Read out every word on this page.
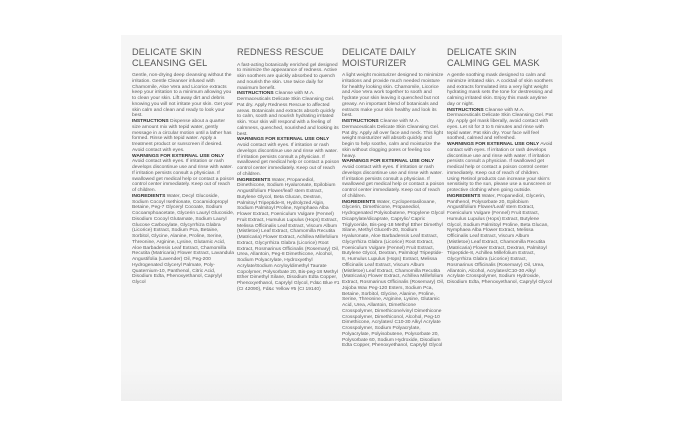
DELICATE SKIN CLEANSING GEL

Gentle, non-drying deep cleansing without the irritation. Gentle Cleanser infused with Chamomile, Aloe Vera and Licorice extracts keep your irritation to a minimum allowing you to clean your skin. Lift away dirt and debris knowing you will not irritate your skin. Get your skin calm and clean and ready to look your best.

INSTRUCTIONS Dispense about a quarter size amount mix with tepid water, gently message in a circular motion until a lather has formed. Rinse with tepid water. Apply a treatment product or sunscreen if desired. Avoid contact with eyes.

WARNINGS FOR EXTERNAL USE ONLY Avoid contact with eyes. If irritation or rash develops discontinue use and rinse with water. If irritation persists consult a physician. If swallowed get medical help or contact a poison control center immediately. Keep out of reach of children.

INGREDIENTS Water, Decyl Glucoside, Sodium Cocoyl Isethionate, Cocamidopropyl Betaine, Peg-7 Glyceryl Cocoate, Sodium Cocoamphoacetate, Glycerin Lauryl Glucoside, Disodium Cocoyl Glutamate, Sodium Lauryl Glucose Carboxylate, Glycyrrhiza Glabra (Licorice) Extract, Sodium Pca, Betaine, Sorbitol, Glycine, Alanine, Proline, Serine, Threonine, Arginine, Lysine, Glutamic Acid, Aloe Barbadensis Leaf Extract, Chamomilla Recutita (Matricaria) Flower Extract, Lavandula Angustifolia (Lavender) Oil, Peg-200 Hydrogenated Glyceryl Palmate, Poly- Quaternium-10, Panthenol, Citric Acid, Disodium Edta, Phenoxyethanol, Caprylyl Glycol

REDNESS RESCUE

A fast-acting botanically enriched gel designed to minimize the appearance of redness. Active skin soothers are quickly absorbed to quench and nourish the skin. Use twice daily for maximum benefit.

INSTRUCTIONS Cleanse with M.A. Dermaceuticals Delicate Skin Cleansing Gel. Pat dry. Apply Redness Rescue to affected areas. Botanicals and extracts absorb quickly to calm, sooth and nourish hydrating irritated skin. Your skin will respond with a feeling of calmness, quenched, nourished and looking its best.

WARNINGS FOR EXTERNAL USE ONLY Avoid contact with eyes. If irritation or rash develops discontinue use and rinse with water. If irritation persists consult a physician. If swallowed get medical help or contact a poison control center immediately. Keep out of reach of children.

INGREDIENTS Water, Propanediol, Dimethicone, Sodium Hyaluronate, Epilobium Angustifolium Flower/leaf/ stem Extract, Butylene Glycol, Beta Glucan, Dextran, Palmitoyl Tripeptide-8, Hydrolyzed Algin, Sodium Palmitoyl Proline, Nymphaea Alba Flower Extract, Foeniculum Vulgare (Fennel) Fruit Extract, Humulus Lupulus (Hops) Extract, Melissa Officinalis Leaf Extract, Viscum Album (Mistletoe) Leaf Extract, Chamomilla Recutita (Matricaria) Flower Extract, Achillea Millefolium Extract, Glycyrrhiza Glabra (Licorice) Root Extract, Rosmarinus Officinalis (Rosemary) Oil, Urea, Allantoin, Peg-8 Dimethicone, Alcohol, Sodium Polyacrylate, Hydroxyethyl Acrylate/Sodium Acryloyldimethyl Taurate Copolymer, Polysorbate 20, Bis-peg-18 Methyl Ether Dimethyl Silane, Disodium Edta Copper, Phenoxyethanol, Caprylyl Glycol, Fd&c Blue #1 (CI 42090), Fd&c Yellow #5 (CI 19140)

DELICATE DAILY MOISTURIZER

A light weight moisturizer designed to minimize irritations and provide much needed moisture for healthy looking skin. Chamomile, Licorice and Aloe Vera work together to sooth and hydrate your skin leaving it quenched but not greasy. An important blend of botanicals and extracts make your skin healthy and look its best.

INSTRUCTIONS Cleanse with M.A. Dermaceuticals Delicate Skin Cleansing Gel. Pat dry. Apply all over face and neck. This light weight moisturizer will absorb quickly and begin to help soothe, calm and moisturize the skin without clogging pores or feeling too heavy.

WARNINGS FOR EXTERNAL USE ONLY Avoid contact with eyes. If irritation or rash develops discontinue use and rinse with water. If irritation persists consult a physician. If swallowed get medical help or contact a poison control center immediately. Keep out of reach of children.

INGREDIENTS Water, Cyclopentasiloxane, Glycerin, Dimethicone, Propanediol, Hydrogenated Polyisobutene, Propylene Glycol Dicaprylate/dicaprate, Caprylic/ Capric Triglyceride, Bis-peg-18 Methyl Ether Dimethyl Silane, Methyl Gluceth-20, Sodium Hyaluronate, Aloe Barbadensis Leaf Extract, Glycyrrhiza Glabra (Licorice) Root Extract, Foeniculum Vulgare (Fennel) Fruit Extract, Butylene Glycol, Dextran, Palmitoyl Tripeptide-8, Humulus Lupulus (Hops) Extract, Melissa Officinalis Leaf Extract, Viscum Album (Mistletoe) Leaf Extract, Chamomilla Recutita (Matricaria) Flower Extract, Achillea Millefolium Extract, Rosmarinus Officinalis (Rosemary) Oil, Jojoba Wax Peg-120 Esters, Sodium Pca, Betaine, Sorbitol, Glycine, Alanine, Proline, Serine, Threonine, Arginine, Lysine, Glutamic Acid, Urea, Allantoin, Dimethicone Crosspolymer, Dimethicone/vinyl Dimethicone Crosspolymer, Dimethiconol, Alcohol, Peg-10 Dimethicone, Acrylates/ C10-30 Alkyl Acrylate Crosspolymer, Sodium Polyacrylate, Polyacrylate, Polyisobutene, Polysorbate 20, Polysorbate 60, Sodium Hydroxide, Disodium Edta Copper, Phenoxyethanol, Caprylyl Glycol

DELICATE SKIN CALMING GEL MASK

A gentle soothing mask designed to calm and minimize irritated skin. A cocktail of skin soothers and extracts formulated into a very light weight hydrating mask sets the tone for destressing and calming irritated skin. Enjoy this mask anytime day or night.

INSTRUCTIONS Cleanse with M.A. Dermaceuticals Delicate Skin Cleansing Gel. Pat dry. Apply gel mask liberally, avoid contact with eyes. Let sit for 3 to 5 minutes and rinse with tepid water. Pat skin dry. Your face will feel soothed, calmed and refreshed.

WARNINGS FOR EXTERNAL USE ONLY Avoid contact with eyes. If irritation or rash develops discontinue use and rinse with water. If irritation persists consult a physician. If swallowed get medical help or contact a poison control center immediately. Keep out of reach of children. Using Retinol products can increase your skin's sensitivity to the sun, please use a sunscreen or protective clothing when going outside.

INGREDIENTS Water, Propanediol, Glycerin, Panthenol, Polysorbate 20, Epilobium Angustifolium Flower/Leaf/ stem Extract, Foeniculum Vulgare (Fennel) Fruit Extract, Humulus Lupulus (Hops) Extract, Butylene Glycol, Sodium Palmitoyl Proline, Beta Glucan, Nymphaea Alba Flower Extract, Melissa Officinalis Leaf Extract, Viscum Album (Mistletoe) Leaf Extract, Chamomilla Recutita (Matricaria) Flower Extract, Dextran, Palmitoyl Tripeptide-8, Achillea Millefolium Extract, Glycyrrhiza Glabra (Licorice) Extract, Rosmarinus Officinalis (Rosemary) Oil, Urea, Allantoin, Alcohol, Acrylates/C10-30 Alkyl Acrylate Crosspolymer, Sodium Hydroxide, Disodium Edta, Phenoxyethanol, Caprylyl Glycol
